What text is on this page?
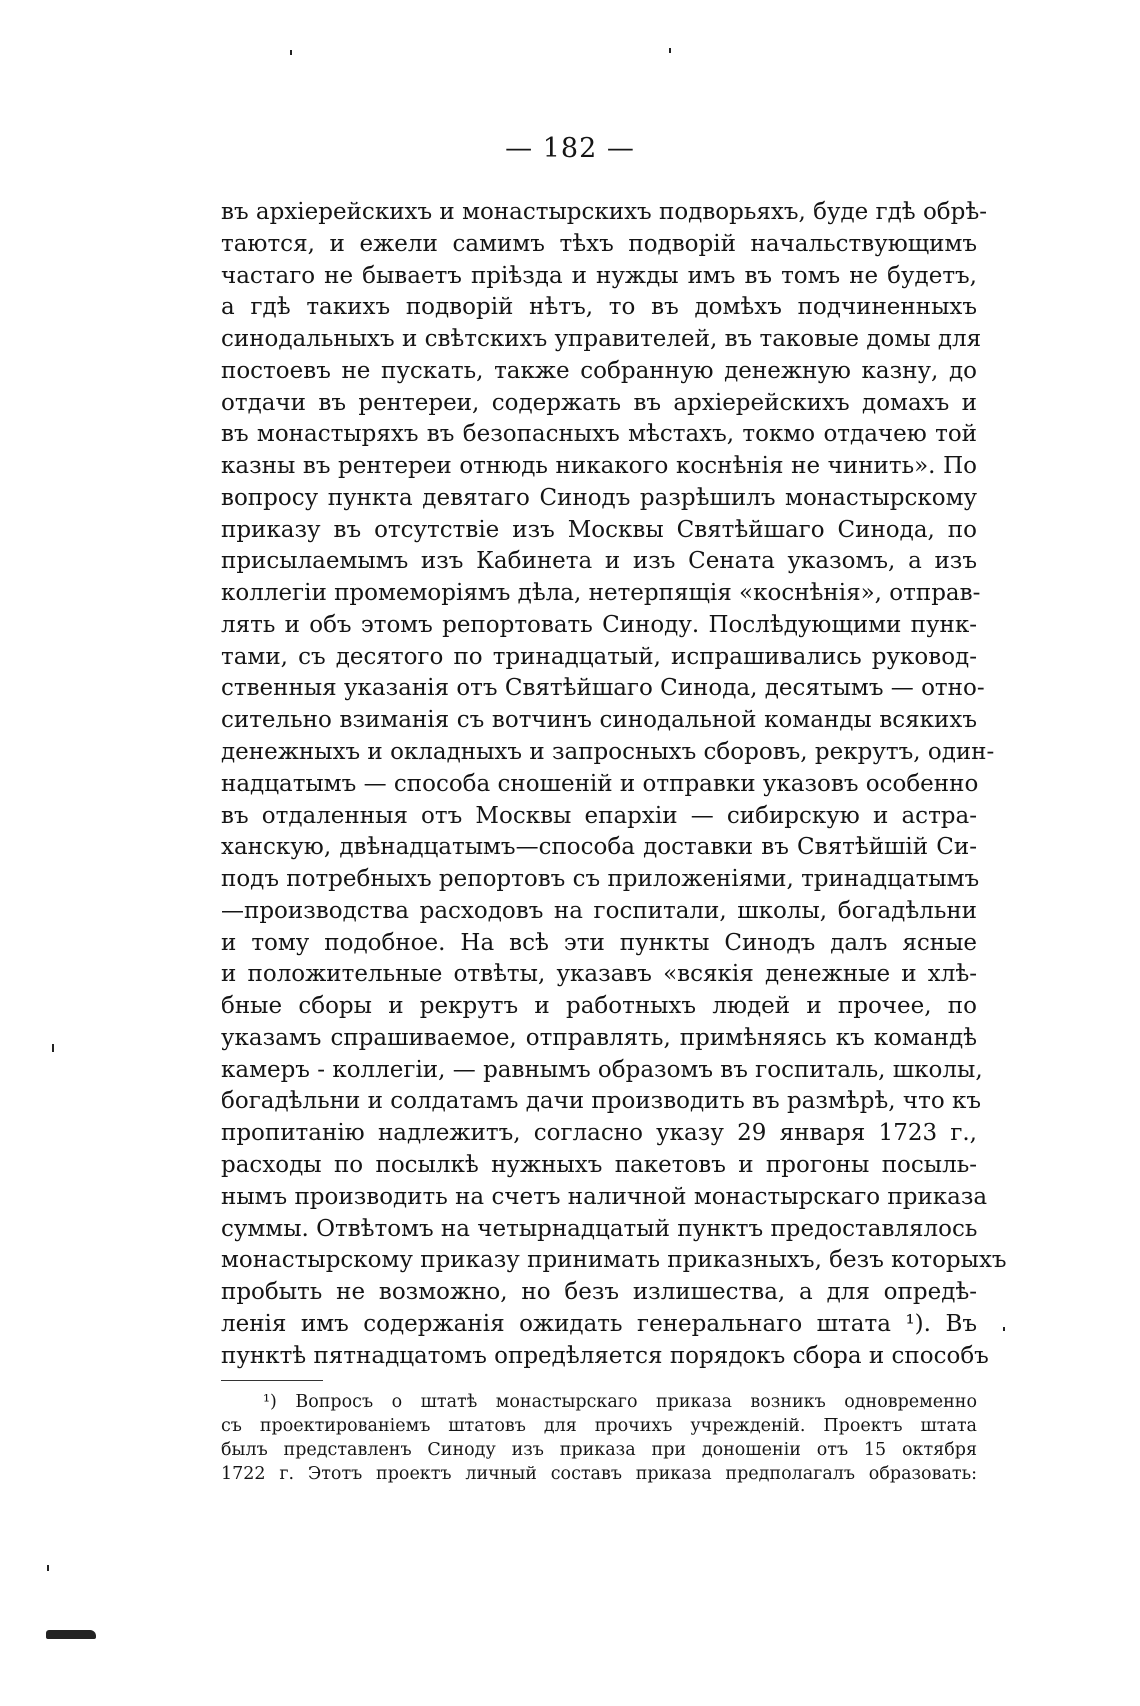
— 182 —
въ архіерейскихъ и монастырскихъ подворьяхъ, буде гдѣ обрѣ-
таются, и ежели самимъ тѣхъ подворій начальствующимъ
частаго не бываетъ пріѣзда и нужды имъ въ томъ не будетъ,
а гдѣ такихъ подворій нѣтъ, то въ домѣхъ подчиненныхъ
синодальныхъ и свѣтскихъ управителей, въ таковые домы для
постоевъ не пускать, также собранную денежную казну, до
отдачи въ рентереи, содержать въ архіерейскихъ домахъ и
въ монастыряхъ въ безопасныхъ мѣстахъ, токмо отдачею той
казны въ рентереи отнюдь никакого коснѣнія не чинить». По
вопросу пункта девятаго Синодъ разрѣшилъ монастырскому
приказу въ отсутствіе изъ Москвы Святѣйшаго Синода, по
присылаемымъ изъ Кабинета и изъ Сената указомъ, а изъ
коллегіи промеморіямъ дѣла, нетерпящія «коснѣнія», отправ-
лять и объ этомъ репортовать Синоду. Послѣдующими пунк-
тами, съ десятого по тринадцатый, испрашивались руковод-
ственныя указанія отъ Святѣйшаго Синода, десятымъ — отно-
сительно взиманія съ вотчинъ синодальной команды всякихъ
денежныхъ и окладныхъ и запросныхъ сборовъ, рекрутъ, один-
надцатымъ — способа сношеній и отправки указовъ особенно
въ отдаленныя отъ Москвы епархіи — сибирскую и астра-
ханскую, двѣнадцатымъ—способа доставки въ Святѣйшій Си-
подъ потребныхъ репортовъ съ приложеніями, тринадцатымъ
—производства расходовъ на госпитали, школы, богадѣльни
и тому подобное. На всѣ эти пункты Синодъ далъ ясные
и положительные отвѣты, указавъ «всякія денежные и хлѣ-
бные сборы и рекрутъ и работныхъ людей и прочее, по
указамъ спрашиваемое, отправлять, примѣняясь къ командѣ
камеръ - коллегіи, — равнымъ образомъ въ госпиталь, школы,
богадѣльни и солдатамъ дачи производить въ размѣрѣ, что къ
пропитанію надлежитъ, согласно указу 29 января 1723 г.,
расходы по посылкѣ нужныхъ пакетовъ и прогоны посыль-
нымъ производить на счетъ наличной монастырскаго приказа
суммы. Отвѣтомъ на четырнадцатый пунктъ предоставлялось
монастырскому приказу принимать приказныхъ, безъ которыхъ
пробыть не возможно, но безъ излишества, а для опредѣ-
ленія имъ содержанія ожидать генеральнаго штата ¹). Въ
пунктѣ пятнадцатомъ опредѣляется порядокъ сбора и способъ
¹) Вопросъ о штатѣ монастырскаго приказа возникъ одновременно
съ проектированіемъ штатовъ для прочихъ учрежденій. Проектъ штата
былъ представленъ Синоду изъ приказа при доношеніи отъ 15 октября
1722 г. Этотъ проектъ личный составъ приказа предполагалъ образовать:
